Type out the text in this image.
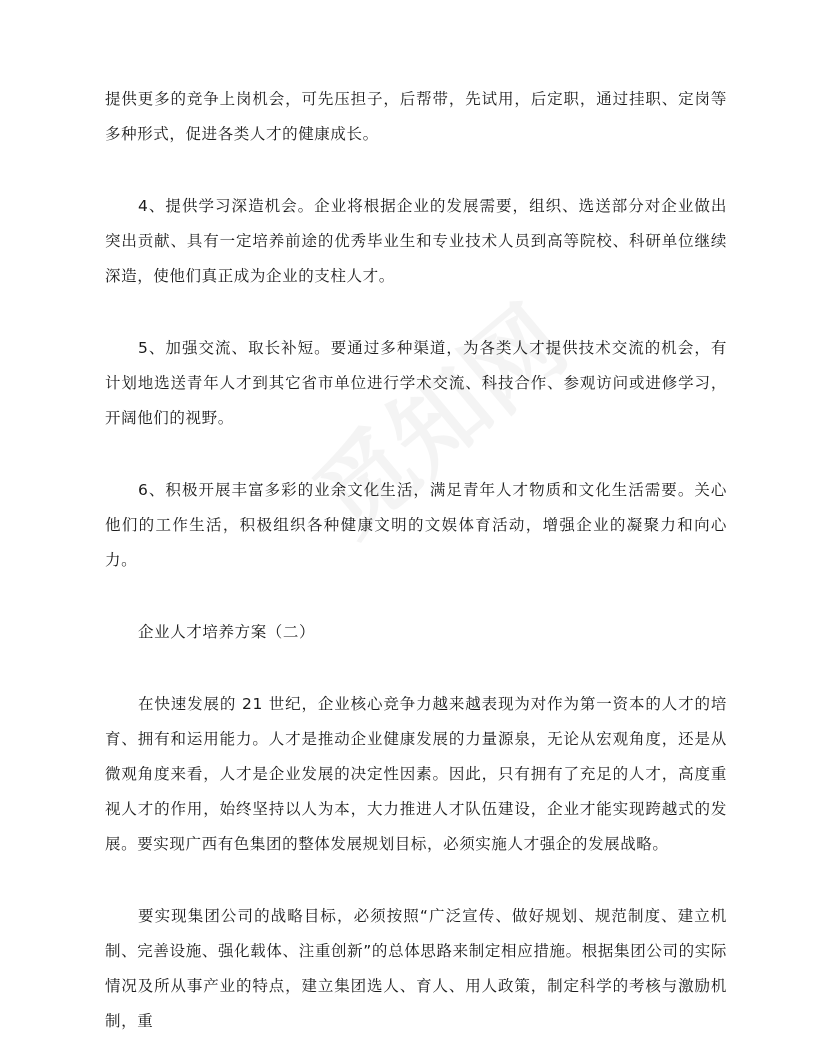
提供更多的竞争上岗机会，可先压担子，后帮带，先试用，后定职，通过挂职、定岗等多种形式，促进各类人才的健康成长。

4、提供学习深造机会。企业将根据企业的发展需要，组织、选送部分对企业做出突出贡献、具有一定培养前途的优秀毕业生和专业技术人员到高等院校、科研单位继续深造，使他们真正成为企业的支柱人才。

5、加强交流、取长补短。要通过多种渠道，为各类人才提供技术交流的机会，有计划地选送青年人才到其它省市单位进行学术交流、科技合作、参观访问或进修学习，开阔他们的视野。

6、积极开展丰富多彩的业余文化生活，满足青年人才物质和文化生活需要。关心他们的工作生活，积极组织各种健康文明的文娱体育活动，增强企业的凝聚力和向心力。

企业人才培养方案（二）

在快速发展的 21 世纪，企业核心竞争力越来越表现为对作为第一资本的人才的培育、拥有和运用能力。人才是推动企业健康发展的力量源泉，无论从宏观角度，还是从微观角度来看，人才是企业发展的决定性因素。因此，只有拥有了充足的人才，高度重视人才的作用，始终坚持以人为本，大力推进人才队伍建设，企业才能实现跨越式的发展。要实现广西有色集团的整体发展规划目标，必须实施人才强企的发展战略。

要实现集团公司的战略目标，必须按照“广泛宣传、做好规划、规范制度、建立机制、完善设施、强化载体、注重创新”的总体思路来制定相应措施。根据集团公司的实际情况及所从事产业的特点，建立集团选人、育人、用人政策，制定科学的考核与激励机制，重
